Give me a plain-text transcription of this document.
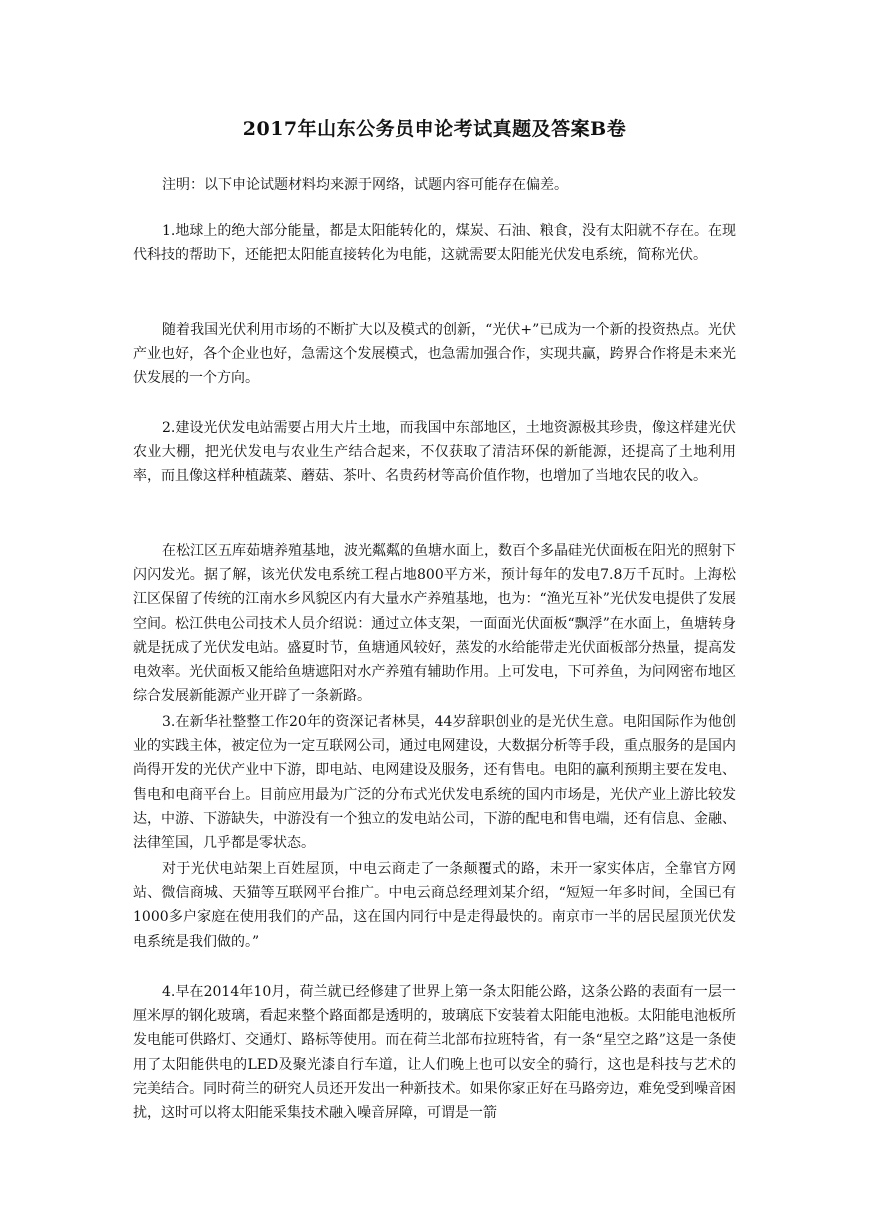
2017年山东公务员申论考试真题及答案B卷

注明：以下申论试题材料均来源于网络，试题内容可能存在偏差。

1.地球上的绝大部分能量，都是太阳能转化的，煤炭、石油、粮食，没有太阳就不存在。在现代科技的帮助下，还能把太阳能直接转化为电能，这就需要太阳能光伏发电系统，简称光伏。

随着我国光伏利用市场的不断扩大以及模式的创新，“光伏+”已成为一个新的投资热点。光伏产业也好，各个企业也好，急需这个发展模式，也急需加强合作，实现共赢，跨界合作将是未来光伏发展的一个方向。

2.建设光伏发电站需要占用大片土地，而我国中东部地区，土地资源极其珍贵，像这样建光伏农业大棚，把光伏发电与农业生产结合起来，不仅获取了清洁环保的新能源，还提高了土地利用率，而且像这样种植蔬菜、蘑菇、茶叶、名贵药材等高价值作物，也增加了当地农民的收入。

在松江区五库茹塘养殖基地，波光粼粼的鱼塘水面上，数百个多晶硅光伏面板在阳光的照射下闪闪发光。据了解，该光伏发电系统工程占地800平方米，预计每年的发电7.8万千瓦时。上海松江区保留了传统的江南水乡风貌区内有大量水产养殖基地，也为：“渔光互补”光伏发电提供了发展空间。松江供电公司技术人员介绍说：通过立体支架，一面面光伏面板“飘浮”在水面上，鱼塘转身就是抚成了光伏发电站。盛夏时节，鱼塘通风较好，蒸发的水给能带走光伏面板部分热量，提高发电效率。光伏面板又能给鱼塘遮阳对水产养殖有辅助作用。上可发电，下可养鱼，为问网密布地区综合发展新能源产业开辟了一条新路。

3.在新华社整整工作20年的资深记者林昊，44岁辞职创业的是光伏生意。电阳国际作为他创业的实践主体，被定位为一定互联网公司，通过电网建设，大数据分析等手段，重点服务的是国内尚得开发的光伏产业中下游，即电站、电网建设及服务，还有售电。电阳的赢利预期主要在发电、售电和电商平台上。目前应用最为广泛的分布式光伏发电系统的国内市场是，光伏产业上游比较发达，中游、下游缺失，中游没有一个独立的发电站公司，下游的配电和售电端，还有信息、金融、法律笙国，几乎都是零状态。

对于光伏电站架上百姓屋顶，中电云商走了一条颠覆式的路，未开一家实体店，全靠官方网站、微信商城、天猫等互联网平台推广。中电云商总经理刘某介绍，“短短一年多时间，全国已有1000多户家庭在使用我们的产品，这在国内同行中是走得最快的。南京市一半的居民屋顶光伏发电系统是我们做的。”

4.早在2014年10月，荷兰就已经修建了世界上第一条太阳能公路，这条公路的表面有一层一厘米厚的钢化玻璃，看起来整个路面都是透明的，玻璃底下安装着太阳能电池板。太阳能电池板所发电能可供路灯、交通灯、路标等使用。而在荷兰北部布拉班特省，有一条“星空之路”这是一条使用了太阳能供电的LED及聚光漆自行车道，让人们晚上也可以安全的骑行，这也是科技与艺术的完美结合。同时荷兰的研究人员还开发出一种新技术。如果你家正好在马路旁边，难免受到噪音困扰，这时可以将太阳能采集技术融入噪音屏障，可谓是一箭
